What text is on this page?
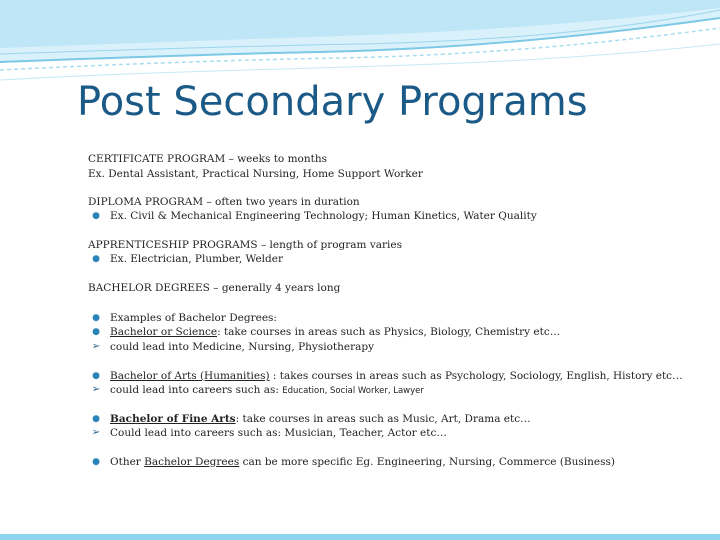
Post Secondary Programs
CERTIFICATE PROGRAM – weeks to months
Ex. Dental Assistant, Practical Nursing, Home Support Worker
DIPLOMA PROGRAM – often two years in duration
● Ex. Civil & Mechanical Engineering Technology; Human Kinetics, Water Quality
APPRENTICESHIP PROGRAMS – length of program varies
● Ex. Electrician, Plumber, Welder
BACHELOR DEGREES – generally 4 years long
● Examples of Bachelor Degrees:
● Bachelor or Science: take courses in areas such as Physics, Biology, Chemistry etc…
➢ could lead into Medicine, Nursing, Physiotherapy
● Bachelor of Arts (Humanities) : takes courses in areas such as Psychology, Sociology, English, History etc…
➢ could lead into careers such as: Education, Social Worker, Lawyer
● Bachelor of Fine Arts: take courses in areas such as Music, Art, Drama etc…
➢ Could lead into careers such as: Musician, Teacher, Actor etc…
● Other Bachelor Degrees can be more specific Eg. Engineering, Nursing, Commerce (Business)
